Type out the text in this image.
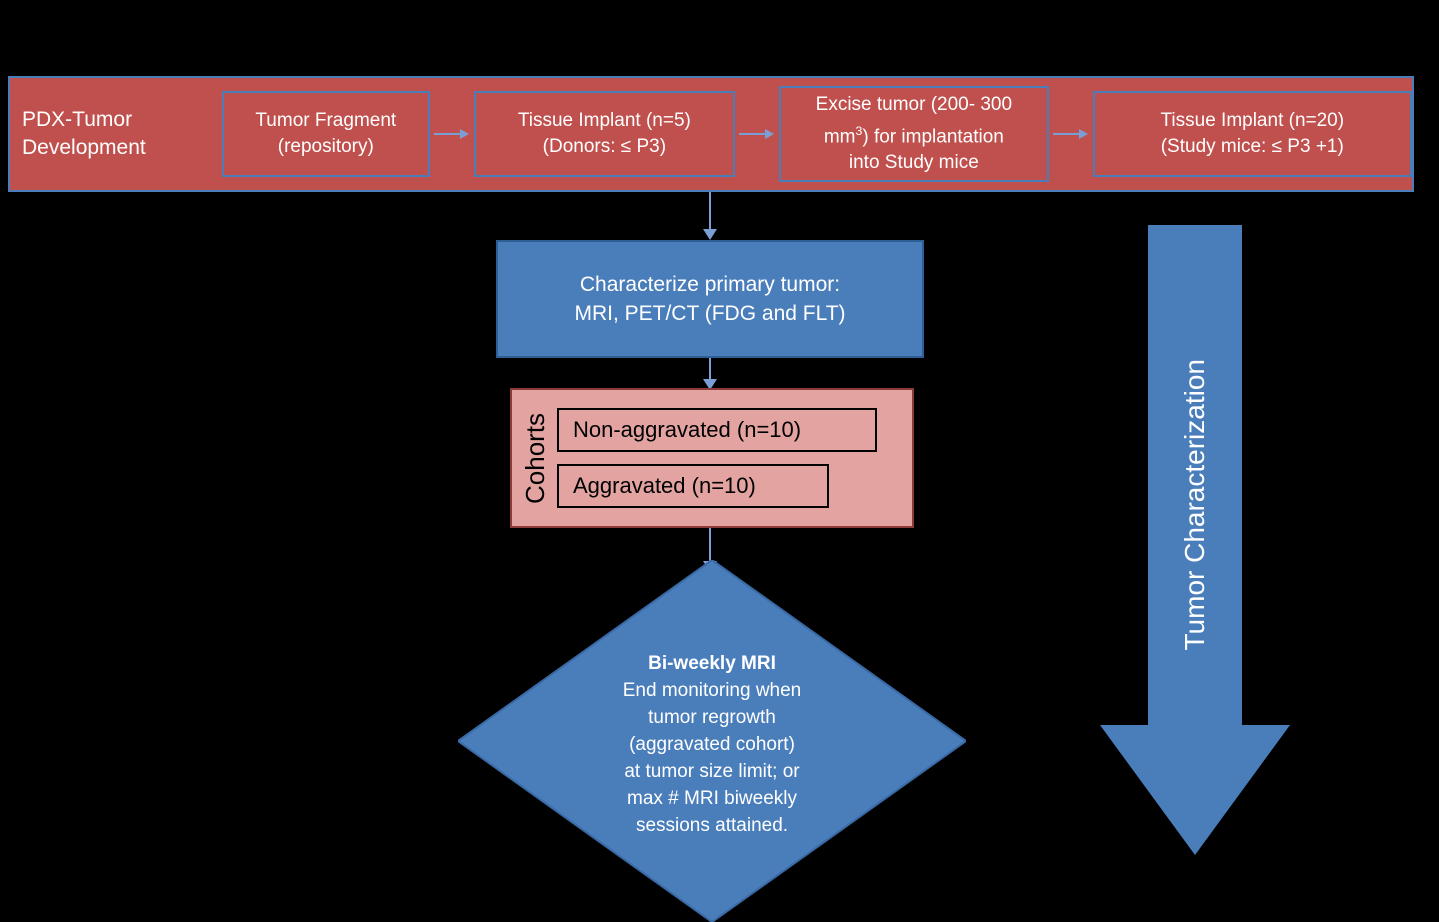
PDX-Tumor Development
Tumor Fragment
(repository)
Tissue Implant (n=5)
(Donors: ≤ P3)
Excise tumor (200- 300
$mm^3$) for implantation
into Study mice
Tissue Implant (n=20)
(Study mice: ≤ P3 +1)
Characterize primary tumor:
MRI, PET/CT (FDG and FLT)
Cohorts	Non-aggravated (n=10)
Aggravated (n=10)
Bi-weekly MRI
End monitoring when
tumor regrowth
(aggravated cohort)
at tumor size limit; or
max # MRI biweekly
sessions attained.
Tumor Characterization
